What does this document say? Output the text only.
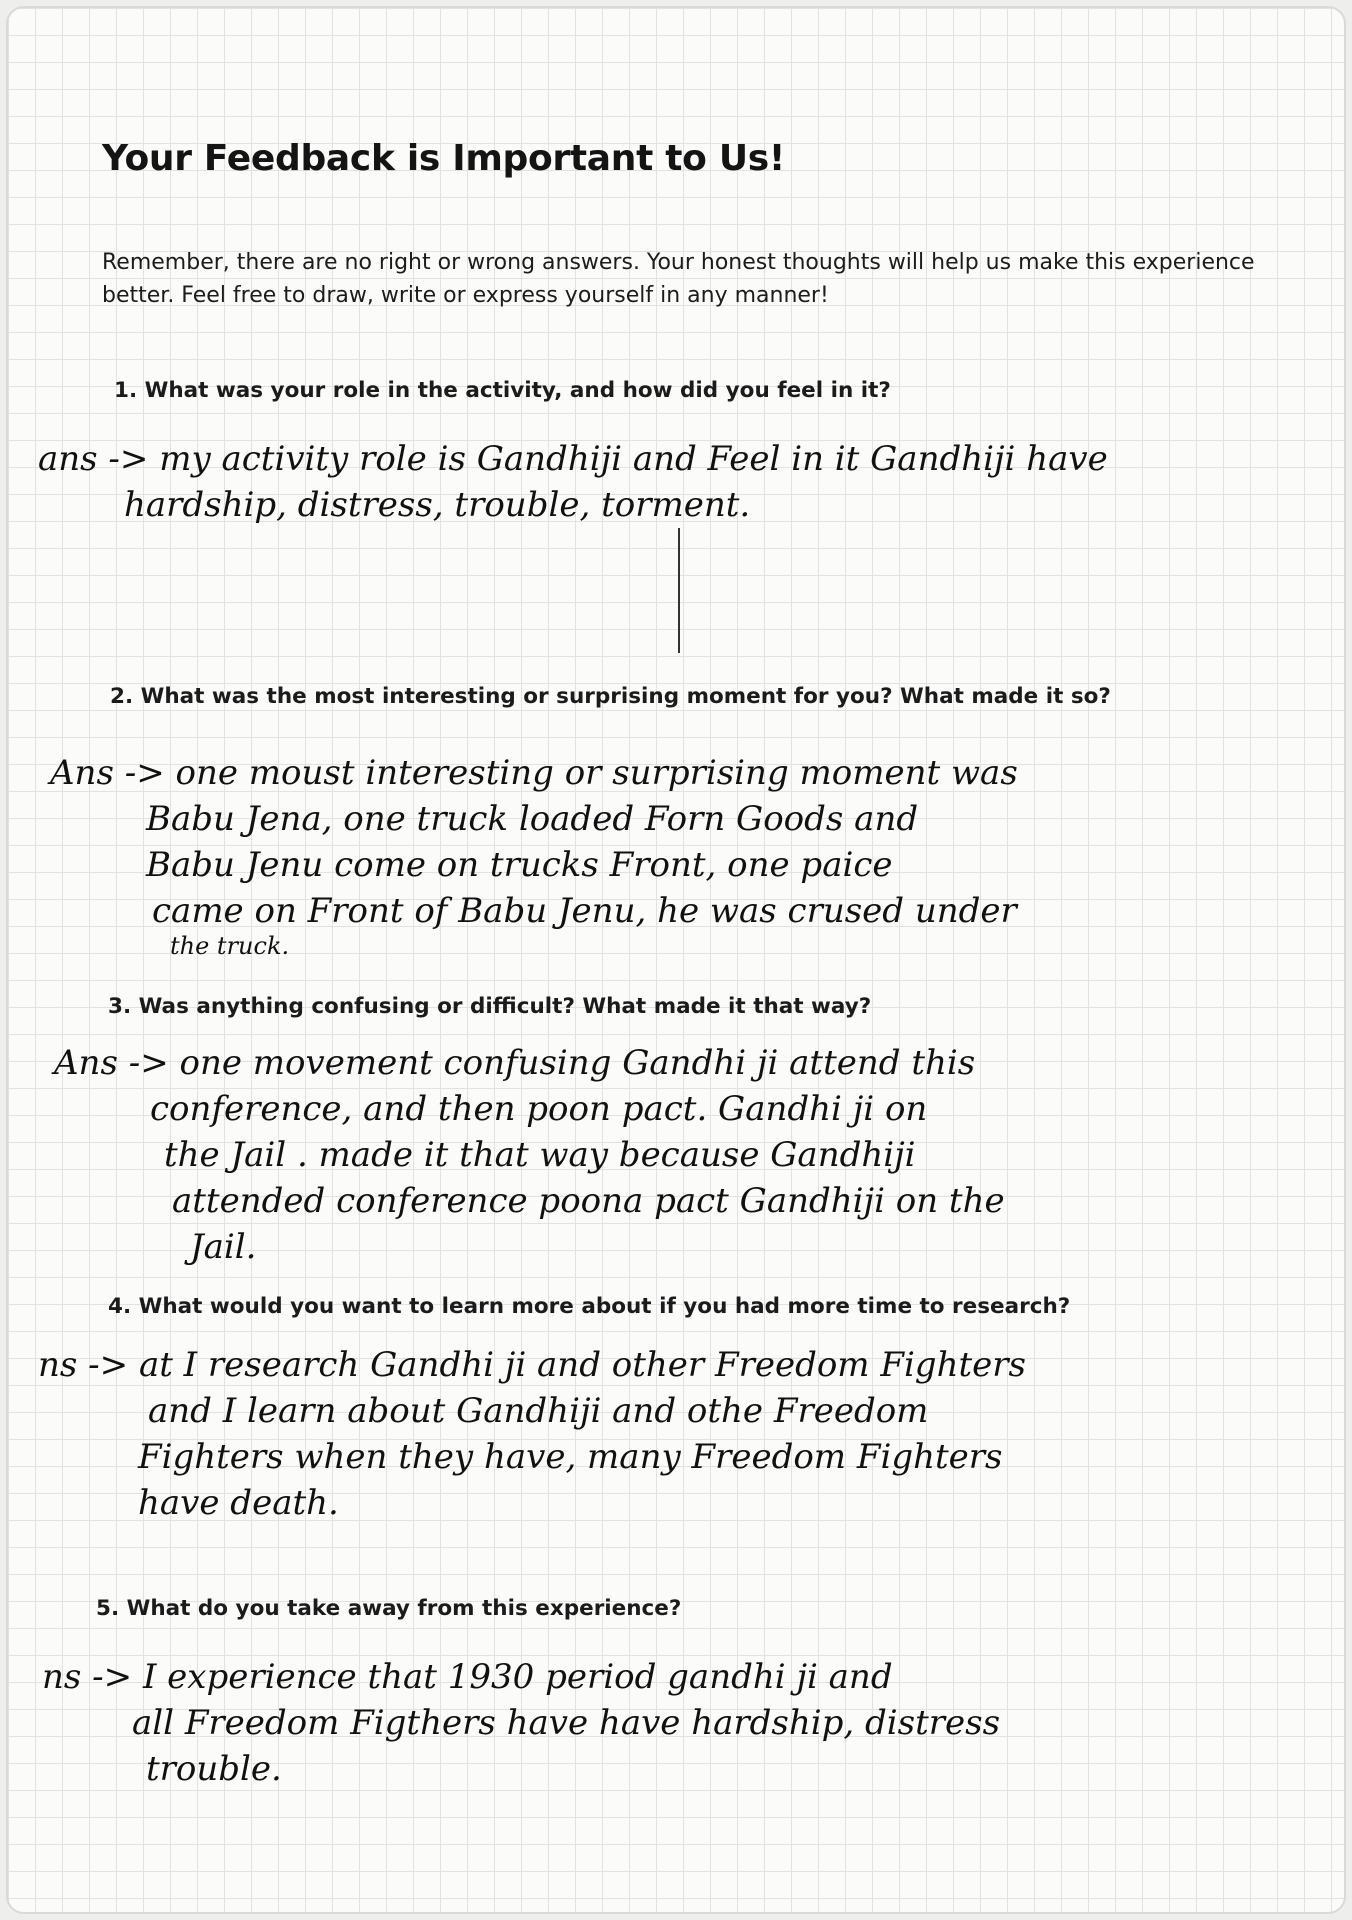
Your Feedback is Important to Us!

Remember, there are no right or wrong answers. Your honest thoughts will help us make this experience better. Feel free to draw, write or express yourself in any manner!

1. What was your role in the activity, and how did you feel in it?
ans -> my activity role is Gandhiji and Feel in it Gandhiji have
hardship, distress, trouble, torment.
2. What was the most interesting or surprising moment for you? What made it so?
Ans -> one moust interesting or surprising moment was
Babu Jena, one truck loaded Forn Goods and
Babu Jenu come on trucks Front, one paice
came on Front of Babu Jenu, he was crused under
the truck.
3. Was anything confusing or difficult? What made it that way?
Ans -> one movement confusing Gandhi ji attend this
conference, and then poon pact. Gandhi ji on
the Jail . made it that way because Gandhiji
attended conference poona pact Gandhiji on the
Jail.
4. What would you want to learn more about if you had more time to research?
ns -> at I research Gandhi ji and other Freedom Fighters
and I learn about Gandhiji and othe Freedom
Fighters when they have, many Freedom Fighters
have death.
5. What do you take away from this experience?
ns -> I experience that 1930 period gandhi ji and
all Freedom Figthers have have hardship, distress
trouble.
